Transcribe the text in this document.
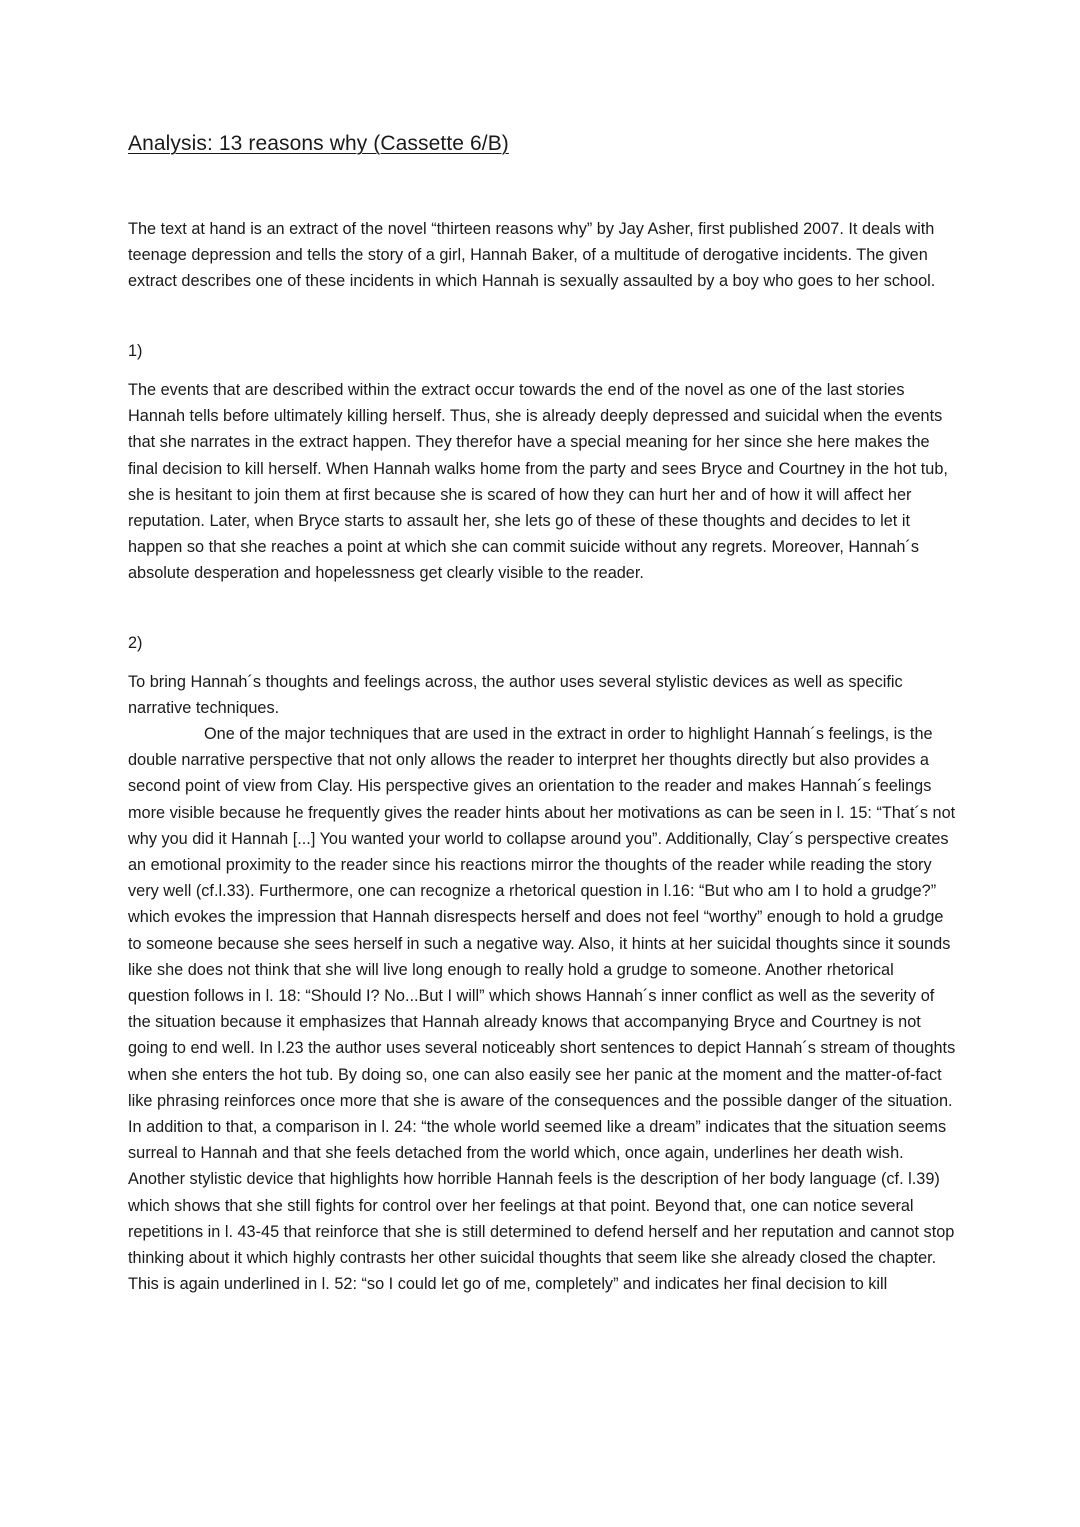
Analysis: 13 reasons why (Cassette 6/B)

The text at hand is an extract of the novel “thirteen reasons why” by Jay Asher, first published 2007. It deals with teenage depression and tells the story of a girl, Hannah Baker, of a multitude of derogative incidents. The given extract describes one of these incidents in which Hannah is sexually assaulted by a boy who goes to her school.

1)

The events that are described within the extract occur towards the end of the novel as one of the last stories Hannah tells before ultimately killing herself. Thus, she is already deeply depressed and suicidal when the events that she narrates in the extract happen. They therefor have a special meaning for her since she here makes the final decision to kill herself. When Hannah walks home from the party and sees Bryce and Courtney in the hot tub, she is hesitant to join them at first because she is scared of how they can hurt her and of how it will affect her reputation. Later, when Bryce starts to assault her, she lets go of these of these thoughts and decides to let it happen so that she reaches a point at which she can commit suicide without any regrets. Moreover, Hannah´s absolute desperation and hopelessness get clearly visible to the reader.

2)

To bring Hannah´s thoughts and feelings across, the author uses several stylistic devices as well as specific narrative techniques.

One of the major techniques that are used in the extract in order to highlight Hannah´s feelings, is the double narrative perspective that not only allows the reader to interpret her thoughts directly but also provides a second point of view from Clay. His perspective gives an orientation to the reader and makes Hannah´s feelings more visible because he frequently gives the reader hints about her motivations as can be seen in l. 15: “That´s not why you did it Hannah [...] You wanted your world to collapse around you”. Additionally, Clay´s perspective creates an emotional proximity to the reader since his reactions mirror the thoughts of the reader while reading the story very well (cf.l.33). Furthermore, one can recognize a rhetorical question in l.16: “But who am I to hold a grudge?” which evokes the impression that Hannah disrespects herself and does not feel “worthy” enough to hold a grudge to someone because she sees herself in such a negative way. Also, it hints at her suicidal thoughts since it sounds like she does not think that she will live long enough to really hold a grudge to someone. Another rhetorical question follows in l. 18: “Should I? No...But I will” which shows Hannah´s inner conflict as well as the severity of the situation because it emphasizes that Hannah already knows that accompanying Bryce and Courtney is not going to end well. In l.23 the author uses several noticeably short sentences to depict Hannah´s stream of thoughts when she enters the hot tub. By doing so, one can also easily see her panic at the moment and the matter-of-fact like phrasing reinforces once more that she is aware of the consequences and the possible danger of the situation. In addition to that, a comparison in l. 24: “the whole world seemed like a dream” indicates that the situation seems surreal to Hannah and that she feels detached from the world which, once again, underlines her death wish. Another stylistic device that highlights how horrible Hannah feels is the description of her body language (cf. l.39) which shows that she still fights for control over her feelings at that point. Beyond that, one can notice several repetitions in l. 43-45 that reinforce that she is still determined to defend herself and her reputation and cannot stop thinking about it which highly contrasts her other suicidal thoughts that seem like she already closed the chapter. This is again underlined in l. 52: “so I could let go of me, completely” and indicates her final decision to kill
